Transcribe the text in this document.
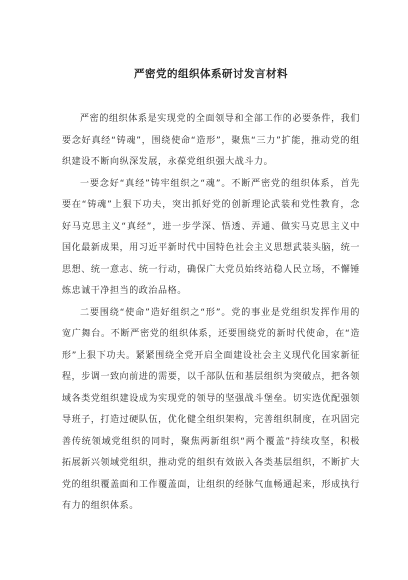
严密党的组织体系研讨发言材料

严密的组织体系是实现党的全面领导和全部工作的必要条件，我们要念好真经“铸魂”，围绕使命“造形”，聚焦“三力”扩能，推动党的组织建设不断向纵深发展，永葆党组织强大战斗力。

一要念好“真经”铸牢组织之“魂”。不断严密党的组织体系，首先要在“铸魂”上狠下功夫，突出抓好党的创新理论武装和党性教育，念好马克思主义“真经”，进一步学深、悟透、弄通、做实马克思主义中国化最新成果，用习近平新时代中国特色社会主义思想武装头脑，统一思想、统一意志、统一行动，确保广大党员始终站稳人民立场，不懈锤炼忠诚干净担当的政治品格。

二要围绕“使命”造好组织之“形”。党的事业是党组织发挥作用的宽广舞台。不断严密党的组织体系，还要围绕党的新时代使命，在“造形”上狠下功夫。紧紧围绕全党开启全面建设社会主义现代化国家新征程，步调一致向前进的需要，以千部队伍和基层组织为突破点，把各领域各类党组织建设成为实现党的领导的坚强战斗堡垒。切实选优配强领导班子，打造过硬队伍，优化健全组织架构，完善组织制度，在巩固完善传统领域党组织的同时，聚焦两新组织“两个覆盖”持续攻坚，积极拓展新兴领域党组织，推动党的组织有效嵌入各类基层组织，不断扩大党的组织覆盖面和工作覆盖面，让组织的经脉气血畅通起来，形成执行有力的组织体系。
